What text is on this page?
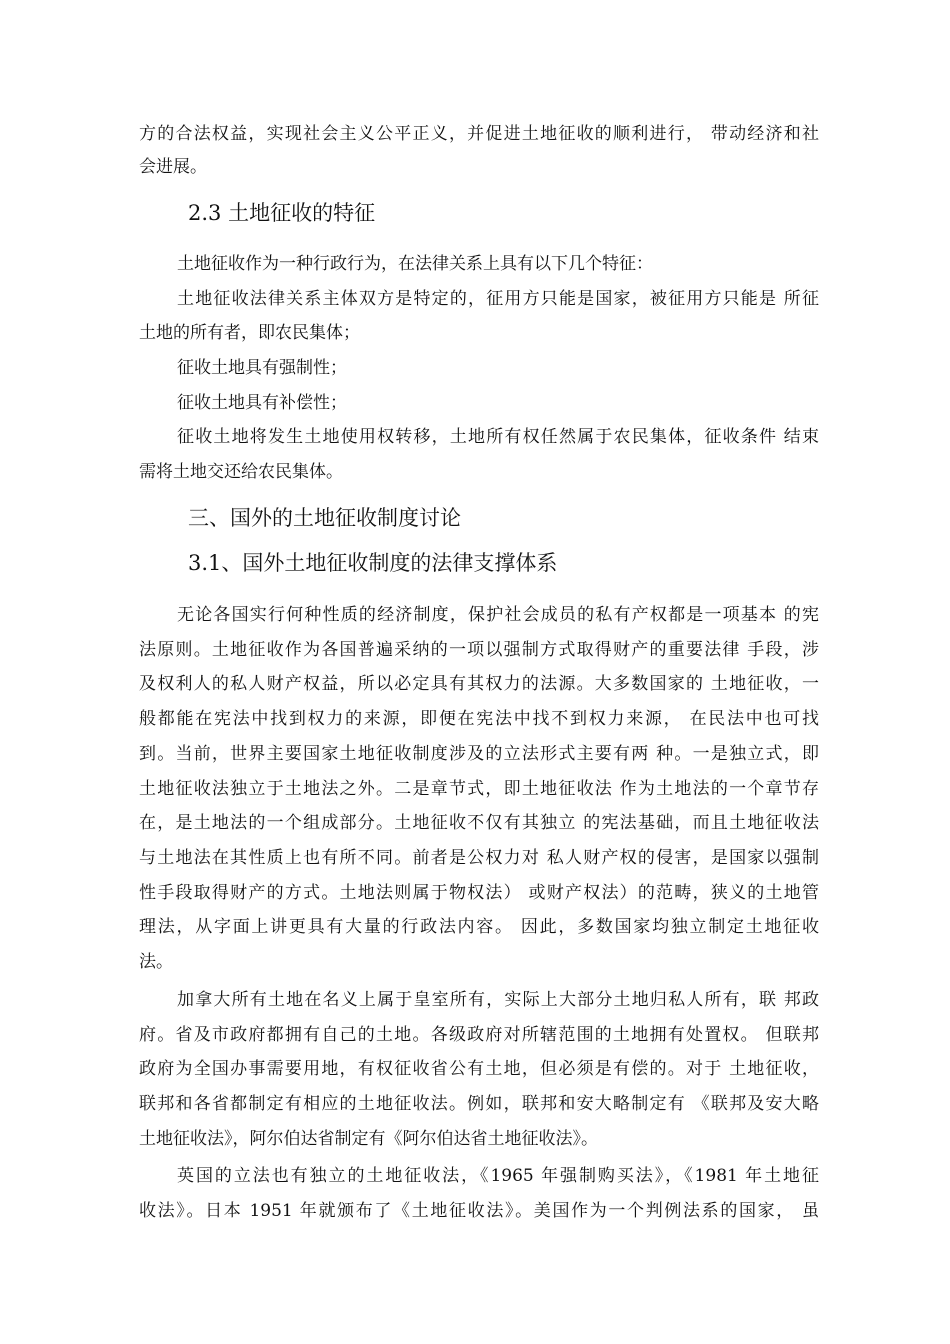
方的合法权益，实现社会主义公平正义，并促进土地征收的顺利进行， 带动经济和社
会进展。
2.3 土地征收的特征
土地征收作为一种行政行为，在法律关系上具有以下几个特征：
土地征收法律关系主体双方是特定的，征用方只能是国家，被征用方只能是 所征
土地的所有者，即农民集体；
征收土地具有强制性；
征收土地具有补偿性；
征收土地将发生土地使用权转移，土地所有权任然属于农民集体，征收条件 结束
需将土地交还给农民集体。
三、国外的土地征收制度讨论
3.1、国外土地征收制度的法律支撑体系
无论各国实行何种性质的经济制度，保护社会成员的私有产权都是一项基本 的宪
法原则。土地征收作为各国普遍采纳的一项以强制方式取得财产的重要法律 手段，涉
及权利人的私人财产权益，所以必定具有其权力的法源。大多数国家的 土地征收，一
般都能在宪法中找到权力的来源，即便在宪法中找不到权力来源， 在民法中也可找
到。当前，世界主要国家土地征收制度涉及的立法形式主要有两 种。一是独立式，即
土地征收法独立于土地法之外。二是章节式，即土地征收法 作为土地法的一个章节存
在，是土地法的一个组成部分。土地征收不仅有其独立 的宪法基础，而且土地征收法
与土地法在其性质上也有所不同。前者是公权力对 私人财产权的侵害，是国家以强制
性手段取得财产的方式。土地法则属于物权法） 或财产权法）的范畴，狭义的土地管
理法，从字面上讲更具有大量的行政法内容。 因此，多数国家均独立制定土地征收
法。
加拿大所有土地在名义上属于皇室所有，实际上大部分土地归私人所有，联 邦政
府。省及市政府都拥有自己的土地。各级政府对所辖范围的土地拥有处置权。 但联邦
政府为全国办事需要用地，有权征收省公有土地，但必须是有偿的。对于 土地征收，
联邦和各省都制定有相应的土地征收法。例如，联邦和安大略制定有 《联邦及安大略
土地征收法》，阿尔伯达省制定有《阿尔伯达省土地征收法》。
英国的立法也有独立的土地征收法，《1965 年强制购买法》，《1981 年土地征
收法》。日本 1951 年就颁布了《土地征收法》。美国作为一个判例法系的国家， 虽
